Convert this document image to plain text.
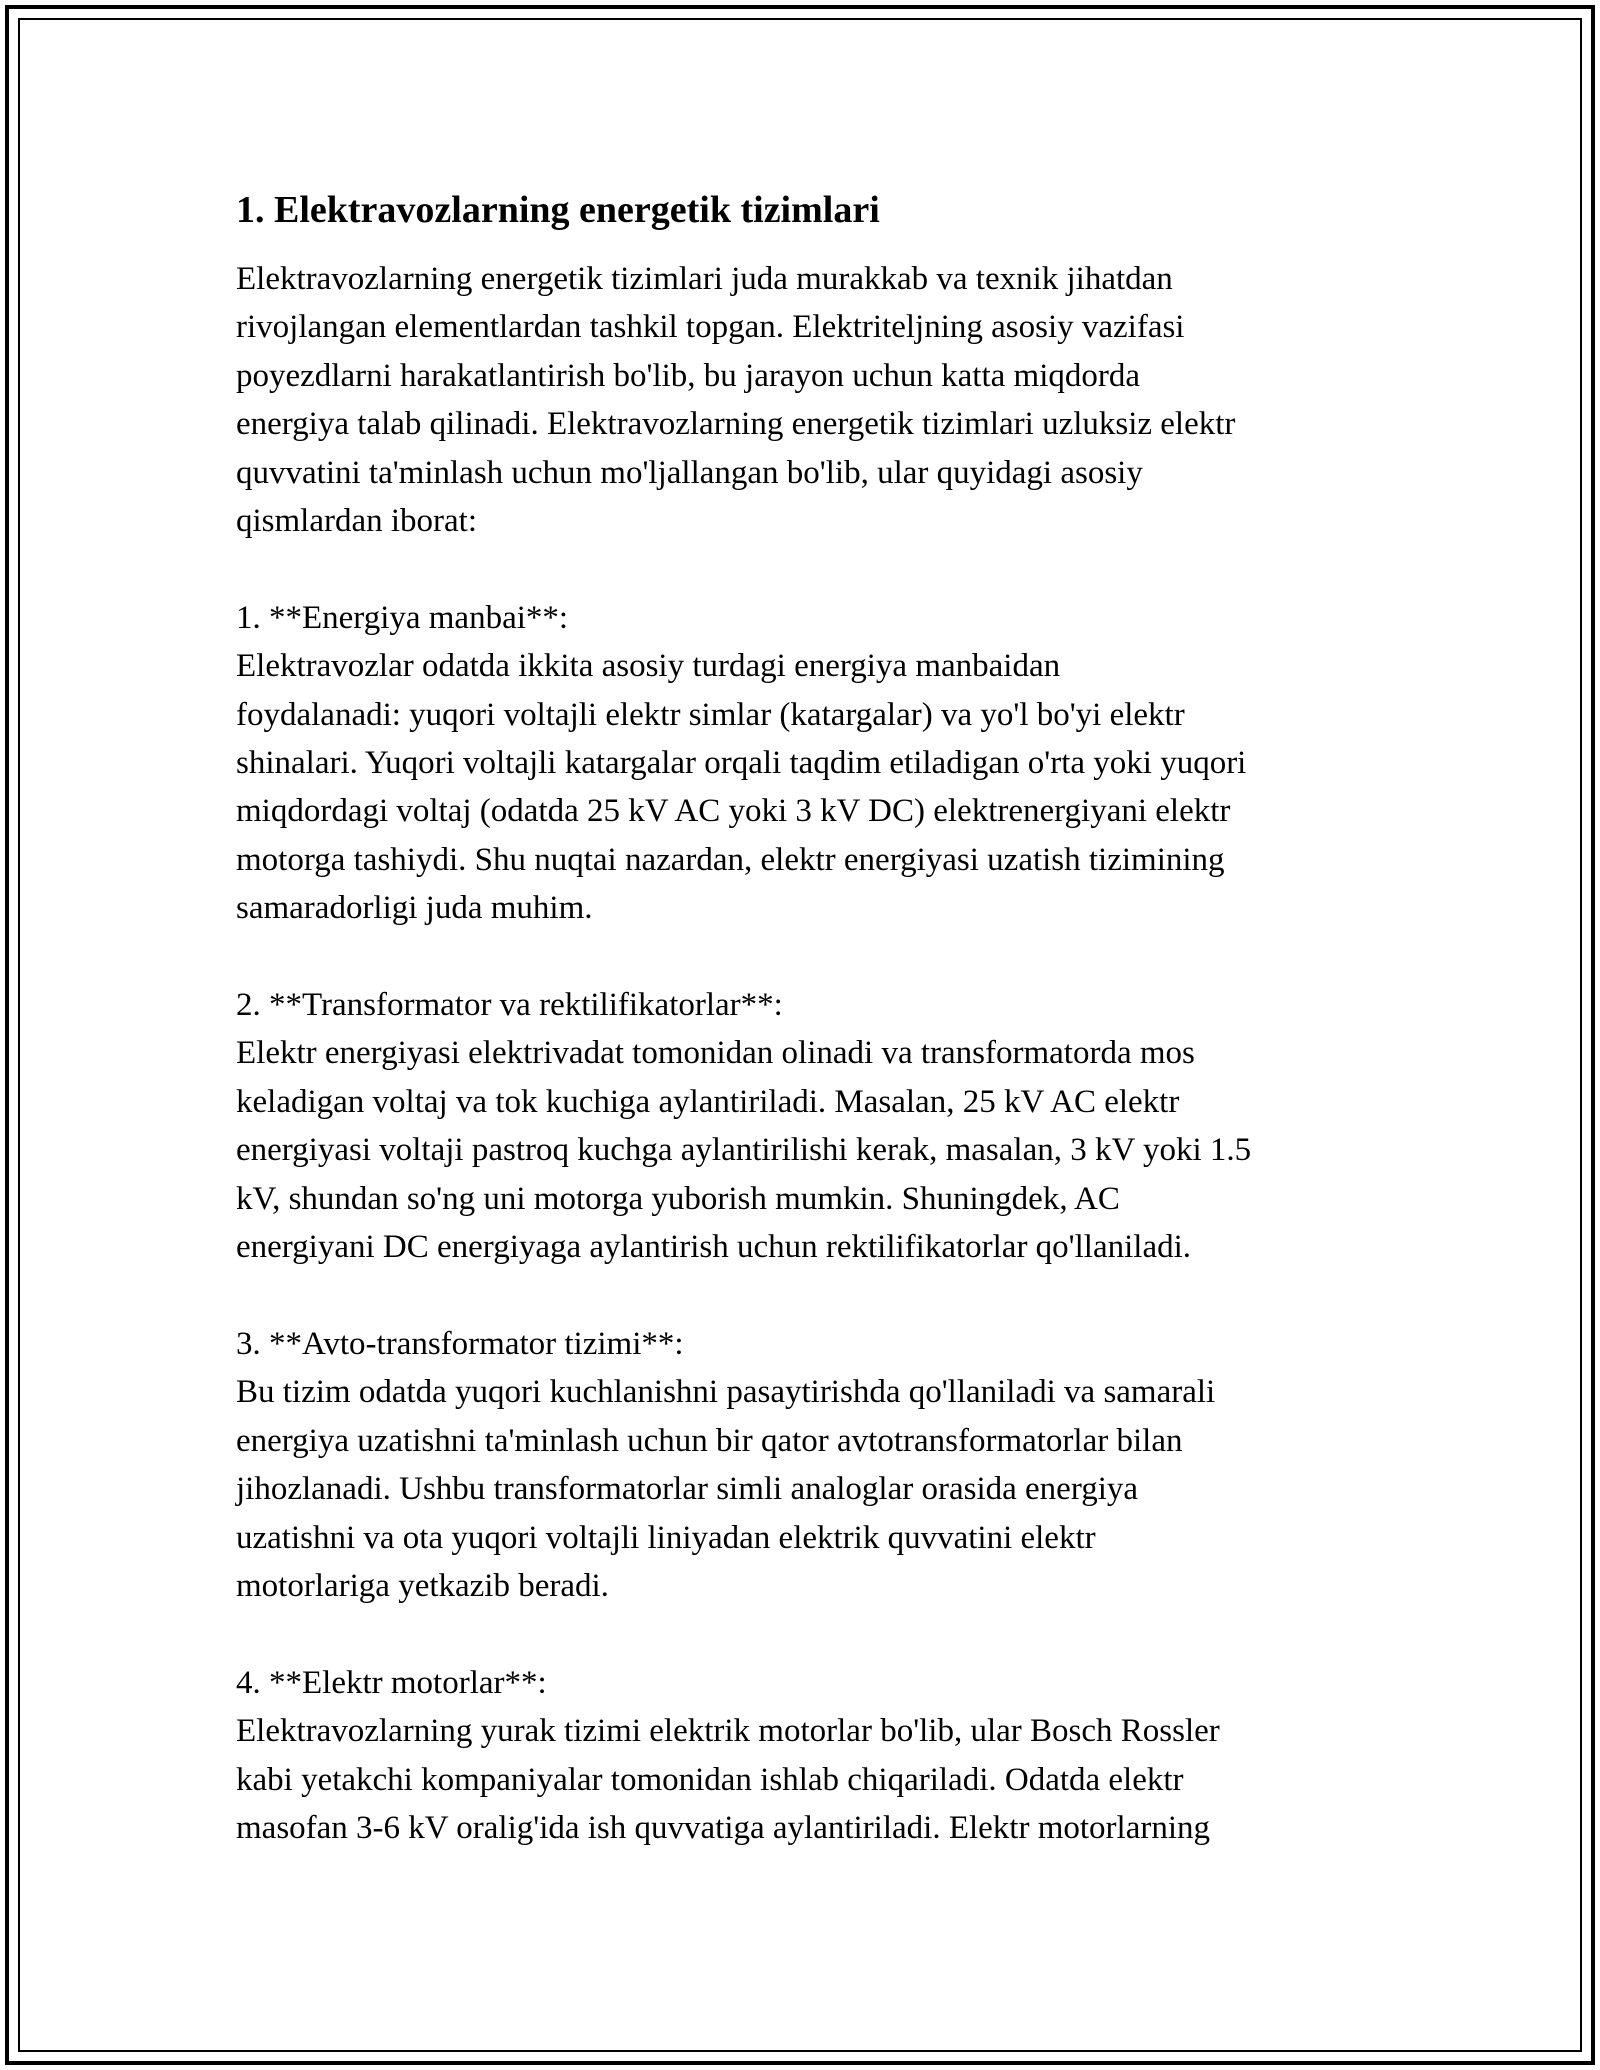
1. Elektravozlarning energetik tizimlari

Elektravozlarning energetik tizimlari juda murakkab va texnik jihatdan
rivojlangan elementlardan tashkil topgan. Elektriteljning asosiy vazifasi
poyezdlarni harakatlantirish bo'lib, bu jarayon uchun katta miqdorda
energiya talab qilinadi. Elektravozlarning energetik tizimlari uzluksiz elektr
quvvatini ta'minlash uchun mo'ljallangan bo'lib, ular quyidagi asosiy
qismlardan iborat:

1. **Energiya manbai**:

Elektravozlar odatda ikkita asosiy turdagi energiya manbaidan
foydalanadi: yuqori voltajli elektr simlar (katargalar) va yo'l bo'yi elektr
shinalari. Yuqori voltajli katargalar orqali taqdim etiladigan o'rta yoki yuqori
miqdordagi voltaj (odatda 25 kV AC yoki 3 kV DC) elektrenergiyani elektr
motorga tashiydi. Shu nuqtai nazardan, elektr energiyasi uzatish tizimining
samaradorligi juda muhim.

2. **Transformator va rektilifikatorlar**:

Elektr energiyasi elektrivadat tomonidan olinadi va transformatorda mos
keladigan voltaj va tok kuchiga aylantiriladi. Masalan, 25 kV AC elektr
energiyasi voltaji pastroq kuchga aylantirilishi kerak, masalan, 3 kV yoki 1.5
kV, shundan so'ng uni motorga yuborish mumkin. Shuningdek, AC
energiyani DC energiyaga aylantirish uchun rektilifikatorlar qo'llaniladi.

3. **Avto-transformator tizimi**:

Bu tizim odatda yuqori kuchlanishni pasaytirishda qo'llaniladi va samarali
energiya uzatishni ta'minlash uchun bir qator avtotransformatorlar bilan
jihozlanadi. Ushbu transformatorlar simli analoglar orasida energiya
uzatishni va ota yuqori voltajli liniyadan elektrik quvvatini elektr
motorlariga yetkazib beradi.

4. **Elektr motorlar**:

Elektravozlarning yurak tizimi elektrik motorlar bo'lib, ular Bosch Rossler
kabi yetakchi kompaniyalar tomonidan ishlab chiqariladi. Odatda elektr
masofan 3-6 kV oralig'ida ish quvvatiga aylantiriladi. Elektr motorlarning
